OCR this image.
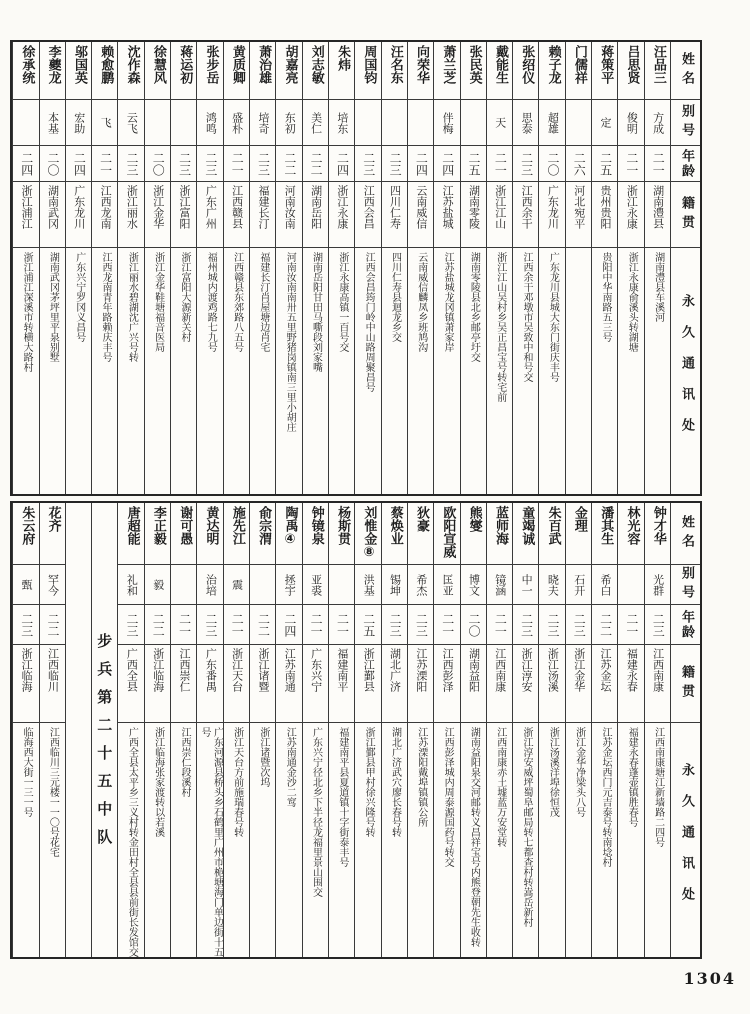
姓名
别号
年龄
籍贯
永久通讯处
汪品三
方成
二一
湖南澧县
湖南澧县车溪河
吕思贤
俊明
二一
浙江永康
浙江永康俞溪头转湖塘
蒋策平
定
二五
贵州贵阳
贵阳中华南路五三号
门儒祥
二六
河北宛平
赖子龙
超雄
二〇
广东龙川
广东龙川县城大东门街庆丰号
张绍仪
思泰
二三
江西余干
江西余干邓墩市吴致中和号交
戴能生
天
二一
浙江江山
浙江江山吴村乡吴正昌宝号转宅前
张民英
二五
湖南零陵
湖南零陵县北乡邮亭圩交
萧兰芝
伴梅
二四
江苏盐城
江苏盐城龙冈镇萧家岸
向荣华
二四
云南威信
云南威信麟凤乡班鸠沟
汪名东
二三
四川仁寿
四川仁寿县迴龙乡交
周国钧
二三
江西会昌
江西会昌筠门岭中山路周聚昌号
朱炜
培东
二四
浙江永康
浙江永康高镇一百号交
刘志敏
美仁
二二
湖南岳阳
湖南岳阳甘田马嘶段刘家嘴
胡嘉亮
东初
二二
河南汝南
河南汝南南卅五里野猪岗镇南三里小胡庄
萧治雄
培奇
二三
福建长汀
福建长汀肖屋塘边肖宅
黄质卿
盛朴
二一
江西赣县
江西赣县东郊路八五号
张步岳
鸿鸣
二三
广东广州
福州城内渡鸡路七九号
蒋运初
二三
浙江富阳
浙江富阳大源新关村
徐慧风
二〇
浙江金华
浙江金华鞋塘福音医局
沈作森
云飞
二三
浙江丽水
浙江丽水碧湖沈广兴号转
赖愈鹏
飞
二一
江西龙南
江西龙南青年路赖庆丰号
邬国英
宏助
二四
广东龙川
广东兴宁罗冈义昌号
李夔龙
本基
二〇
湖南武冈
湖南武冈茅坪里平泉别墅
徐承统
二四
浙江浦江
浙江浦江深溪市转横大路村
姓名
别号
年龄
籍贯
永久通讯处
钟才华
光群
二三
江西南康
江西南康塘江新墙路二四号
林光容
二一
福建永春
福建永春蓬壶镇胜春号
潘其生
希白
二二
江苏金坛
江苏金坛西门元吉泰号转南埝村
金理
石开
二三
浙江金华
浙江金华净梁头八号
朱百武
晓夫
二三
浙江汤溪
浙江汤溪洋埠徐恒茂
童竭诚
中一
二三
浙江淳安
浙江淳安威坪蜀阜邮局转七都查村转嵩岳新村
蓝师海
镜涵
二一
江西南康
江西南康赤土墟蓝万安堂转
熊燮
博文
二〇
湖南益阳
湖南益阳泉交河邮转义昌祥宝号内熊登朝先生收转
欧阳宣威
匡亚
二一
江西彭泽
江西彭泽城内周泰源国药号转交
狄豪
希杰
二三
江苏溧阳
江苏溧阳戴埠镇镇公所
蔡焕业
锡坤
二三
湖北广济
湖北广济武穴廖长春号转
刘惟金⑧
洪基
二五
浙江鄞县
浙江鄞县甲村徐兴隆号转
杨斯贯
二一
福建南平
福建南平县夏道镇十字街泰丰号
钟镜泉
亚裘
二一
广东兴宁
广东兴宁径北乡下半径龙福里景山围交
陶禹④
拯宇
二四
江苏南通
江苏南通金沙二窎
俞宗渭
二二
浙江诸暨
浙江诸暨次坞
施先江
震
二一
浙江天台
浙江天台方前施瑞春号转
黄达明
治培
二三
广东番禺
广东河源县桥头乡石鹤里广州市桅塘海门单边街十五号
谢可愚
二一
江西崇仁
江西崇仁段溪村
李正毅
毅
二二
浙江临海
浙江临海张家渡转以若溪
唐超能
礼和
二三
广西全县
广西全县太平乡三义村转金田村全县县前街长发馆交
步兵第二十五中队
花齐
罕今
二二
江西临川
江西临川三元楼一一〇号花宅
朱云府
甄
二三
浙江临海
临海西大街一三一号
1304
